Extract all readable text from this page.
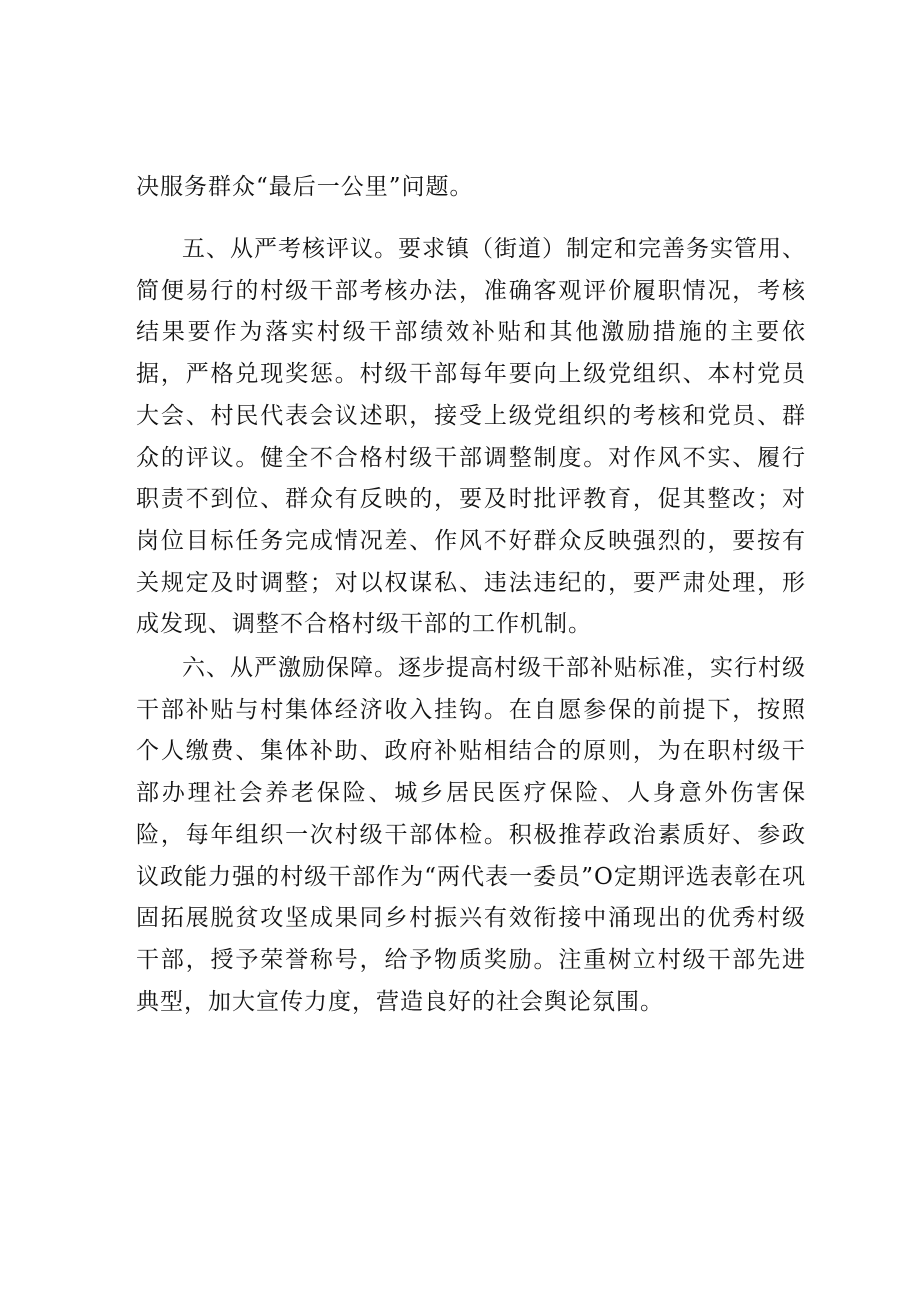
决服务群众“最后一公里”问题。

五、从严考核评议。要求镇（街道）制定和完善务实管用、简便易行的村级干部考核办法，准确客观评价履职情况，考核结果要作为落实村级干部绩效补贴和其他激励措施的主要依据，严格兑现奖惩。村级干部每年要向上级党组织、本村党员大会、村民代表会议述职，接受上级党组织的考核和党员、群众的评议。健全不合格村级干部调整制度。对作风不实、履行职责不到位、群众有反映的，要及时批评教育，促其整改；对岗位目标任务完成情况差、作风不好群众反映强烈的，要按有关规定及时调整；对以权谋私、违法违纪的，要严肃处理，形成发现、调整不合格村级干部的工作机制。

六、从严激励保障。逐步提高村级干部补贴标准，实行村级干部补贴与村集体经济收入挂钩。在自愿参保的前提下，按照个人缴费、集体补助、政府补贴相结合的原则，为在职村级干部办理社会养老保险、城乡居民医疗保险、人身意外伤害保险，每年组织一次村级干部体检。积极推荐政治素质好、参政议政能力强的村级干部作为“两代表一委员”O定期评选表彰在巩固拓展脱贫攻坚成果同乡村振兴有效衔接中涌现出的优秀村级干部，授予荣誉称号，给予物质奖励。注重树立村级干部先进典型，加大宣传力度，营造良好的社会舆论氛围。
